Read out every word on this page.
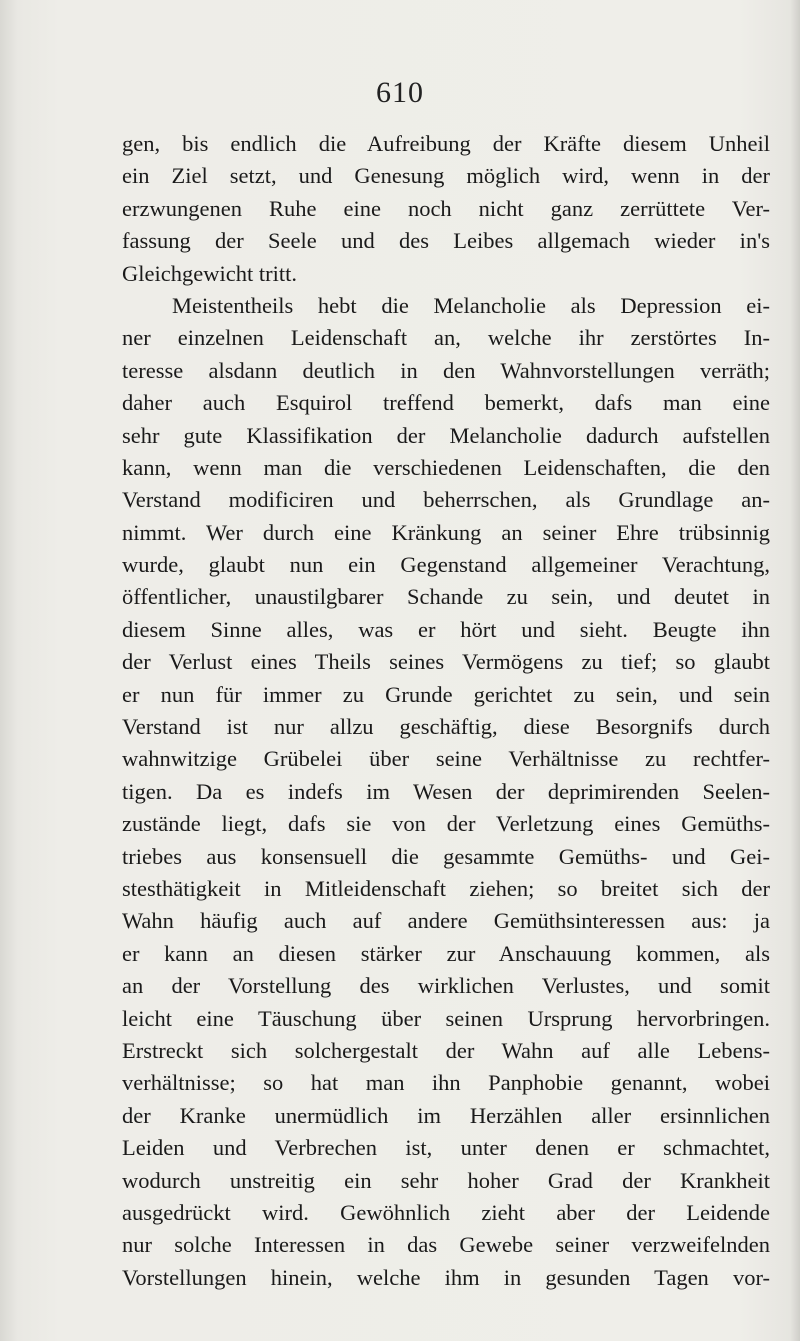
610
gen, bis endlich die Aufreibung der Kräfte diesem Unheil
ein Ziel setzt, und Genesung möglich wird, wenn in der
erzwungenen Ruhe eine noch nicht ganz zerrüttete Ver-
fassung der Seele und des Leibes allgemach wieder in's
Gleichgewicht tritt.
Meistentheils hebt die Melancholie als Depression ei-
ner einzelnen Leidenschaft an, welche ihr zerstörtes In-
teresse alsdann deutlich in den Wahnvorstellungen verräth;
daher auch Esquirol treffend bemerkt, dafs man eine
sehr gute Klassifikation der Melancholie dadurch aufstellen
kann, wenn man die verschiedenen Leidenschaften, die den
Verstand modificiren und beherrschen, als Grundlage an-
nimmt. Wer durch eine Kränkung an seiner Ehre trübsinnig
wurde, glaubt nun ein Gegenstand allgemeiner Verachtung,
öffentlicher, unaustilgbarer Schande zu sein, und deutet in
diesem Sinne alles, was er hört und sieht. Beugte ihn
der Verlust eines Theils seines Vermögens zu tief; so glaubt
er nun für immer zu Grunde gerichtet zu sein, und sein
Verstand ist nur allzu geschäftig, diese Besorgnifs durch
wahnwitzige Grübelei über seine Verhältnisse zu rechtfer-
tigen. Da es indefs im Wesen der deprimirenden Seelen-
zustände liegt, dafs sie von der Verletzung eines Gemüths-
triebes aus konsensuell die gesammte Gemüths- und Gei-
stesthätigkeit in Mitleidenschaft ziehen; so breitet sich der
Wahn häufig auch auf andere Gemüthsinteressen aus: ja
er kann an diesen stärker zur Anschauung kommen, als
an der Vorstellung des wirklichen Verlustes, und somit
leicht eine Täuschung über seinen Ursprung hervorbringen.
Erstreckt sich solchergestalt der Wahn auf alle Lebens-
verhältnisse; so hat man ihn Panphobie genannt, wobei
der Kranke unermüdlich im Herzählen aller ersinnlichen
Leiden und Verbrechen ist, unter denen er schmachtet,
wodurch unstreitig ein sehr hoher Grad der Krankheit
ausgedrückt wird. Gewöhnlich zieht aber der Leidende
nur solche Interessen in das Gewebe seiner verzweifelnden
Vorstellungen hinein, welche ihm in gesunden Tagen vor-
